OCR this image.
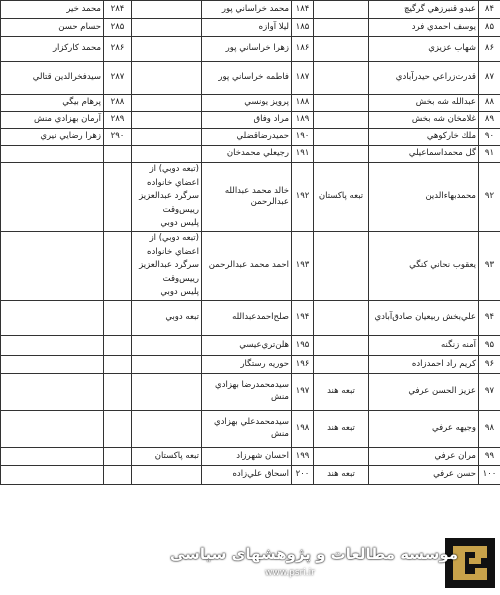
۸۴	عبدو قنبرزهي گرگيچ		۱۸۴	محمد خراساني پور		۲۸۴	محمد خير
۸۵	يوسف احمدي فرد		۱۸۵	ليلا آوازه		۲۸۵	حسام حسن
۸۶	شهاب عزيزي		۱۸۶	زهرا خراساني پور		۲۸۶	محمد كاركزار
۸۷	قدرت‌زراعي حيدرآبادي		۱۸۷	فاطمه خراساني پور		۲۸۷	سيدفخرالدين قتالي
۸۸	عبدالله شه بخش		۱۸۸	پرويز يونسي		۲۸۸	پرهام بيگي
۸۹	غلامخان شه بخش		۱۸۹	مراد وفاق		۲۸۹	آرمان بهزادي منش
۹۰	ملك خاركوهي		۱۹۰	حميدرضاقضلي		۲۹۰	زهرا رضايي نيري
۹۱	گل محمداسماعيلي		۱۹۱	رجيعلي محمدخان			
۹۲	محمدبهاءالدين	تبعه پاكستان	۱۹۲	خالد محمد عبدالله عبدالرحمن	(تبعه دوبي) از
اعضاي خانواده
سرگرد عبدالعزيز
رييس‌وقت
پليس دوبي		
۹۳	يعقوب نحاني كنگي		۱۹۳	احمد محمد عبدالرحمن	(تبعه دوبي) از
اعضاي خانواده
سرگرد عبدالعزيز
رييس‌وقت
پليس دوبي		
۹۴	علي‌بخش ربيعيان صادق‌آبادي		۱۹۴	صلح‌احمدعبدالله	تبعه دوبي		
۹۵	آمنه زنگنه		۱۹۵	هلن‌تري‌عيسي			
۹۶	كريم راد احمدزاده		۱۹۶	حوريه رستگار			
۹۷	عزيز الحسن عرفي	تبعه هند	۱۹۷	سيدمحمدرضا بهزادي منش			
۹۸	وجيهه عرفي	تبعه هند	۱۹۸	سيدمحمدعلي بهزادي منش			
۹۹	مران عرفي		۱۹۹	احسان شهرزاد	تبعه پاكستان		
۱۰۰	حسن عرفي	تبعه هند	۲۰۰	اسحاق علي‌زاده			
موسسه مطالعات و پژوهشهای سیاسی
www.psri.ir
